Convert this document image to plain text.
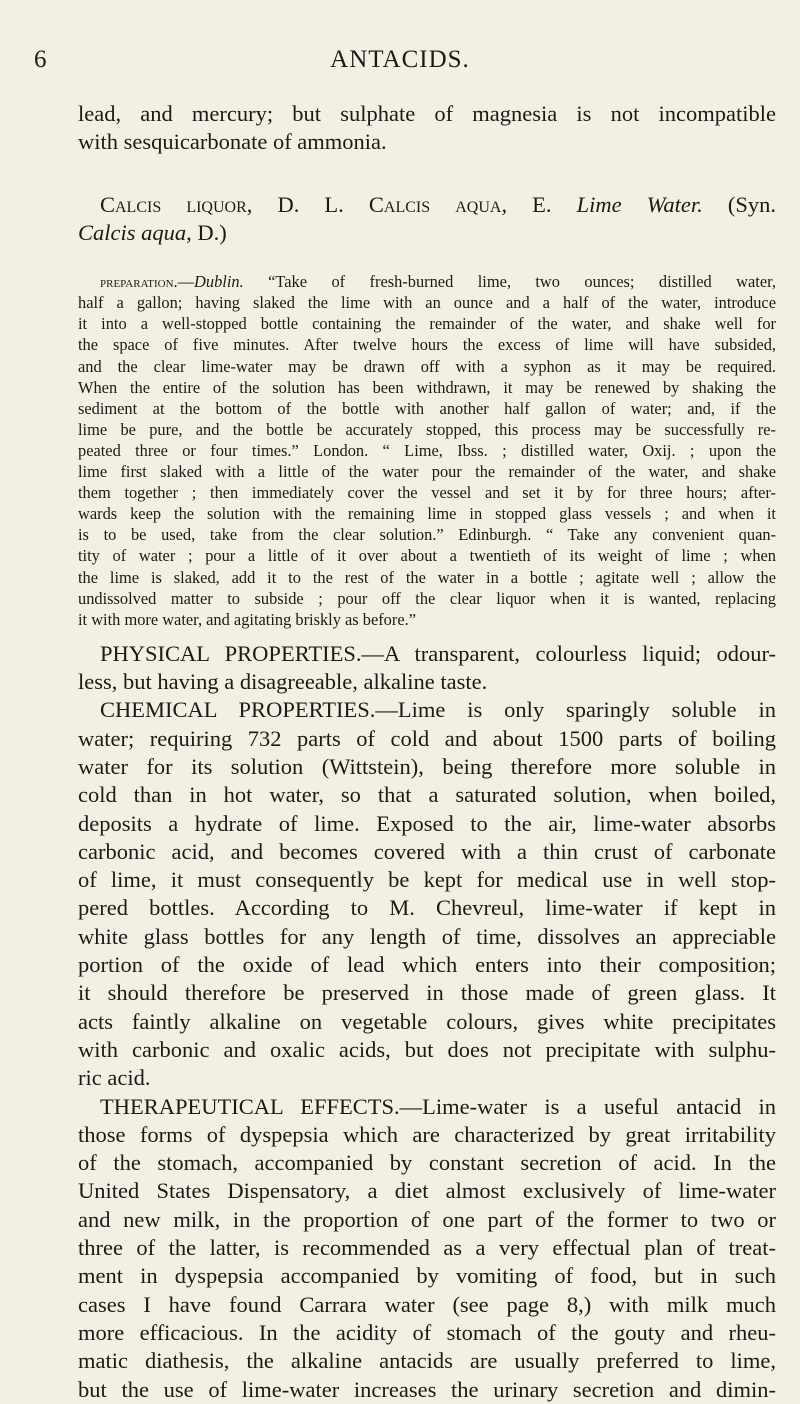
6	ANTACIDS.

lead, and mercury; but sulphate of magnesia is not incompatible
with sesquicarbonate of ammonia.

Calcis liquor, D. L. Calcis aqua, E. Lime Water. (Syn.
Calcis aqua, D.)

preparation.—Dublin. “Take of fresh-burned lime, two ounces; distilled water,
half a gallon; having slaked the lime with an ounce and a half of the water, introduce
it into a well-stopped bottle containing the remainder of the water, and shake well for
the space of five minutes. After twelve hours the excess of lime will have subsided,
and the clear lime-water may be drawn off with a syphon as it may be required.
When the entire of the solution has been withdrawn, it may be renewed by shaking the
sediment at the bottom of the bottle with another half gallon of water; and, if the
lime be pure, and the bottle be accurately stopped, this process may be successfully re-
peated three or four times.” London. “ Lime, Ibss. ; distilled water, Oxij. ; upon the
lime first slaked with a little of the water pour the remainder of the water, and shake
them together ; then immediately cover the vessel and set it by for three hours; after-
wards keep the solution with the remaining lime in stopped glass vessels ; and when it
is to be used, take from the clear solution.” Edinburgh. “ Take any convenient quan-
tity of water ; pour a little of it over about a twentieth of its weight of lime ; when
the lime is slaked, add it to the rest of the water in a bottle ; agitate well ; allow the
undissolved matter to subside ; pour off the clear liquor when it is wanted, replacing
it with more water, and agitating briskly as before.”

PHYSICAL PROPERTIES.—A transparent, colourless liquid; odour-
less, but having a disagreeable, alkaline taste.

CHEMICAL PROPERTIES.—Lime is only sparingly soluble in
water; requiring 732 parts of cold and about 1500 parts of boiling
water for its solution (Wittstein), being therefore more soluble in
cold than in hot water, so that a saturated solution, when boiled,
deposits a hydrate of lime. Exposed to the air, lime-water absorbs
carbonic acid, and becomes covered with a thin crust of carbonate
of lime, it must consequently be kept for medical use in well stop-
pered bottles. According to M. Chevreul, lime-water if kept in
white glass bottles for any length of time, dissolves an appreciable
portion of the oxide of lead which enters into their composition;
it should therefore be preserved in those made of green glass. It
acts faintly alkaline on vegetable colours, gives white precipitates
with carbonic and oxalic acids, but does not precipitate with sulphu-
ric acid.

THERAPEUTICAL EFFECTS.—Lime-water is a useful antacid in
those forms of dyspepsia which are characterized by great irritability
of the stomach, accompanied by constant secretion of acid. In the
United States Dispensatory, a diet almost exclusively of lime-water
and new milk, in the proportion of one part of the former to two or
three of the latter, is recommended as a very effectual plan of treat-
ment in dyspepsia accompanied by vomiting of food, but in such
cases I have found Carrara water (see page 8,) with milk much
more efficacious. In the acidity of stomach of the gouty and rheu-
matic diathesis, the alkaline antacids are usually preferred to lime,
but the use of lime-water increases the urinary secretion and dimin-
